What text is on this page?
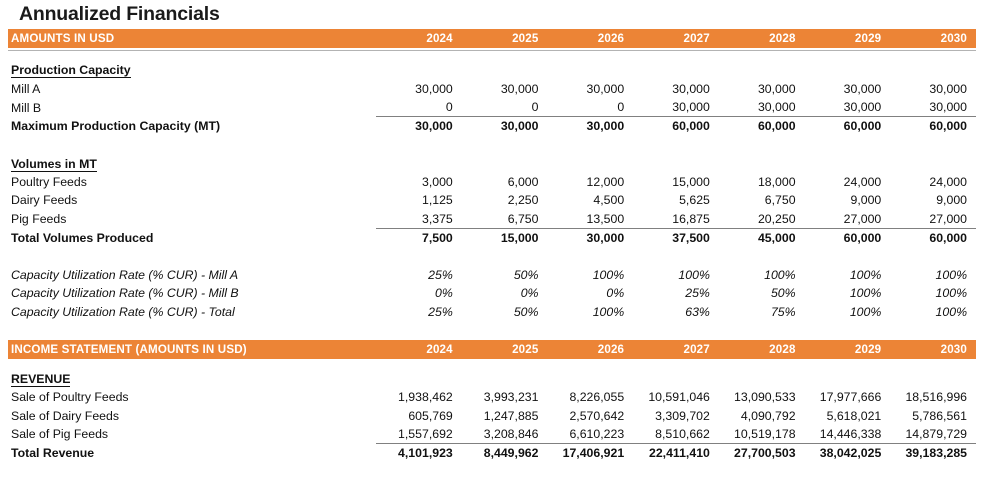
Annualized Financials
AMOUNTS IN USD	2024	2025	2026	2027	2028	2029	2030

Production Capacity							
Mill A	30,000	30,000	30,000	30,000	30,000	30,000	30,000
Mill B	0	0	0	30,000	30,000	30,000	30,000
Maximum Production Capacity (MT)	30,000	30,000	30,000	60,000	60,000	60,000	60,000

Volumes in MT							
Poultry Feeds	3,000	6,000	12,000	15,000	18,000	24,000	24,000
Dairy Feeds	1,125	2,250	4,500	5,625	6,750	9,000	9,000
Pig Feeds	3,375	6,750	13,500	16,875	20,250	27,000	27,000
Total Volumes Produced	7,500	15,000	30,000	37,500	45,000	60,000	60,000

Capacity Utilization Rate (% CUR) - Mill A	25%	50%	100%	100%	100%	100%	100%
Capacity Utilization Rate (% CUR) - Mill B	0%	0%	0%	25%	50%	100%	100%
Capacity Utilization Rate (% CUR) - Total	25%	50%	100%	63%	75%	100%	100%

INCOME STATEMENT (AMOUNTS IN USD)	2024	2025	2026	2027	2028	2029	2030

REVENUE							
Sale of Poultry Feeds	1,938,462	3,993,231	8,226,055	10,591,046	13,090,533	17,977,666	18,516,996
Sale of Dairy Feeds	605,769	1,247,885	2,570,642	3,309,702	4,090,792	5,618,021	5,786,561
Sale of Pig Feeds	1,557,692	3,208,846	6,610,223	8,510,662	10,519,178	14,446,338	14,879,729
Total Revenue	4,101,923	8,449,962	17,406,921	22,411,410	27,700,503	38,042,025	39,183,285
